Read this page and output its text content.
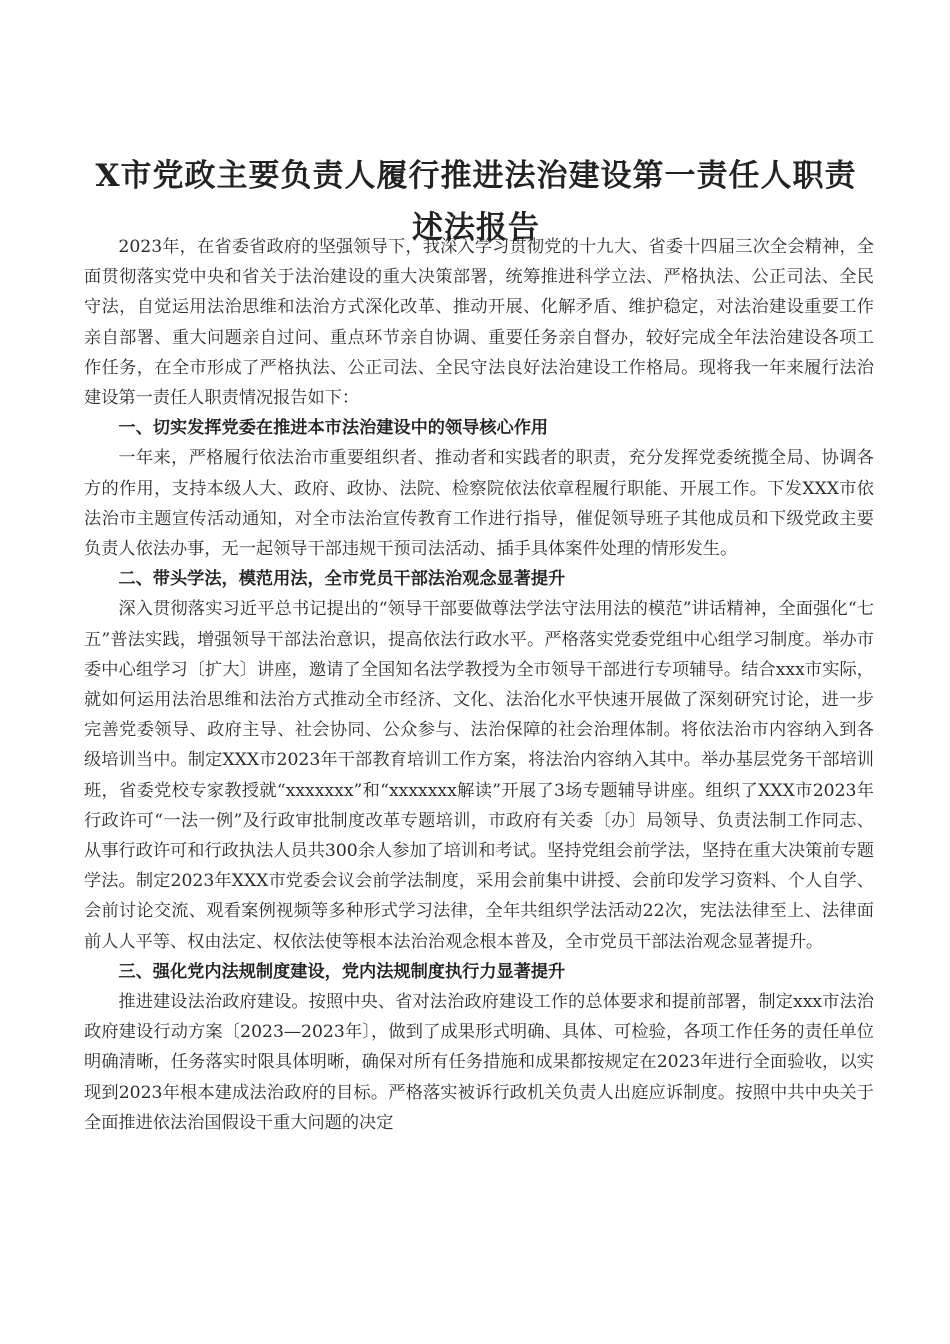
X市党政主要负责人履行推进法治建设第一责任人职责述法报告

2023年，在省委省政府的坚强领导下，我深入学习贯彻党的十九大、省委十四届三次全会精神，全面贯彻落实党中央和省关于法治建设的重大决策部署，统筹推进科学立法、严格执法、公正司法、全民守法，自觉运用法治思维和法治方式深化改革、推动开展、化解矛盾、维护稳定，对法治建设重要工作亲自部署、重大问题亲自过问、重点环节亲自协调、重要任务亲自督办，较好完成全年法治建设各项工作任务，在全市形成了严格执法、公正司法、全民守法良好法治建设工作格局。现将我一年来履行法治建设第一责任人职责情况报告如下：

一、切实发挥党委在推进本市法治建设中的领导核心作用

一年来，严格履行依法治市重要组织者、推动者和实践者的职责，充分发挥党委统揽全局、协调各方的作用，支持本级人大、政府、政协、法院、检察院依法依章程履行职能、开展工作。下发XXX市依法治市主题宣传活动通知，对全市法治宣传教育工作进行指导，催促领导班子其他成员和下级党政主要负责人依法办事，无一起领导干部违规干预司法活动、插手具体案件处理的情形发生。

二、带头学法，模范用法，全市党员干部法治观念显著提升

深入贯彻落实习近平总书记提出的“领导干部要做尊法学法守法用法的模范”讲话精神，全面强化“七五”普法实践，增强领导干部法治意识，提高依法行政水平。严格落实党委党组中心组学习制度。举办市委中心组学习〔扩大〕讲座，邀请了全国知名法学教授为全市领导干部进行专项辅导。结合xxx市实际，就如何运用法治思维和法治方式推动全市经济、文化、法治化水平快速开展做了深刻研究讨论，进一步完善党委领导、政府主导、社会协同、公众参与、法治保障的社会治理体制。将依法治市内容纳入到各级培训当中。制定XXX市2023年干部教育培训工作方案，将法治内容纳入其中。举办基层党务干部培训班，省委党校专家教授就“xxxxxxx”和“xxxxxxx解读”开展了3场专题辅导讲座。组织了XXX市2023年行政许可“一法一例”及行政审批制度改革专题培训，市政府有关委〔办〕局领导、负责法制工作同志、从事行政许可和行政执法人员共300余人参加了培训和考试。坚持党组会前学法，坚持在重大决策前专题学法。制定2023年XXX市党委会议会前学法制度，采用会前集中讲授、会前印发学习资料、个人自学、会前讨论交流、观看案例视频等多种形式学习法律，全年共组织学法活动22次，宪法法律至上、法律面前人人平等、权由法定、权依法使等根本法治治观念根本普及，全市党员干部法治观念显著提升。

三、强化党内法规制度建设，党内法规制度执行力显著提升

推进建设法治政府建设。按照中央、省对法治政府建设工作的总体要求和提前部署，制定xxx市法治政府建设行动方案〔2023—2023年〕，做到了成果形式明确、具体、可检验，各项工作任务的责任单位明确清晰，任务落实时限具体明晰，确保对所有任务措施和成果都按规定在2023年进行全面验收，以实现到2023年根本建成法治政府的目标。严格落实被诉行政机关负责人出庭应诉制度。按照中共中央关于全面推进依法治国假设干重大问题的决定
